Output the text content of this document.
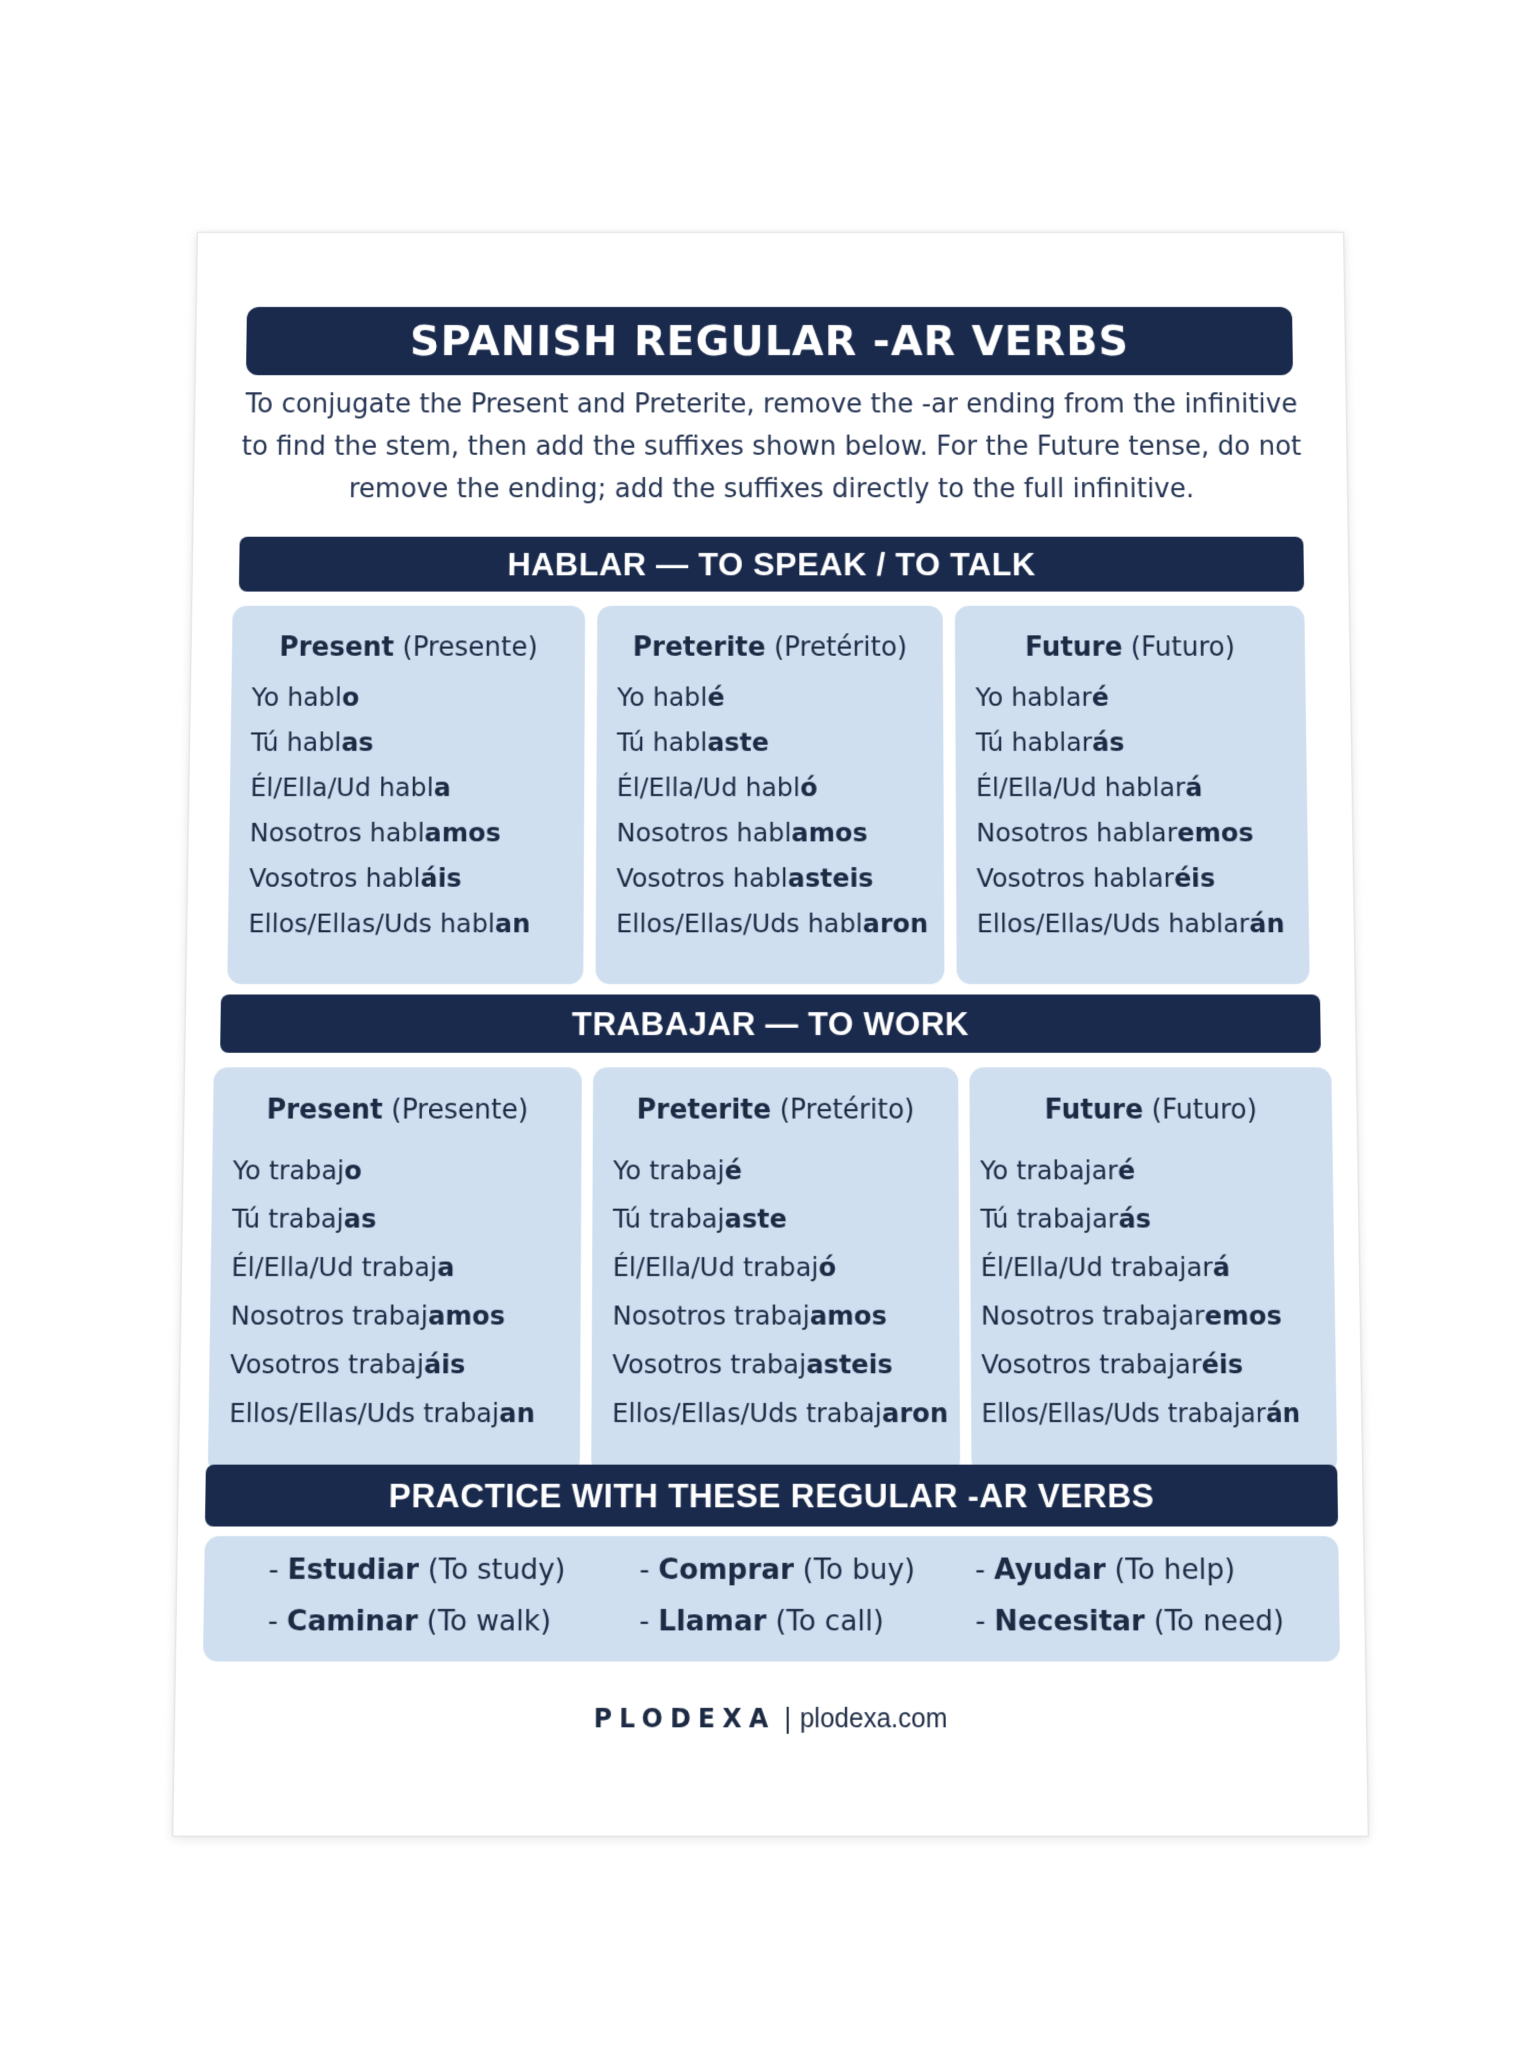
SPANISH REGULAR -AR VERBS

To conjugate the Present and Preterite, remove the -ar ending from the infinitive to find the stem, then add the suffixes shown below. For the Future tense, do not remove the ending; add the suffixes directly to the full infinitive.

HABLAR — TO SPEAK / TO TALK
Present (Presente)
Yo hablo
Tú hablas
Él/Ella/Ud habla
Nosotros hablamos
Vosotros habláis
Ellos/Ellas/Uds hablan
Preterite (Pretérito)
Yo hablé
Tú hablaste
Él/Ella/Ud habló
Nosotros hablamos
Vosotros hablasteis
Ellos/Ellas/Uds hablaron
Future (Futuro)
Yo hablaré
Tú hablarás
Él/Ella/Ud hablará
Nosotros hablaremos
Vosotros hablaréis
Ellos/Ellas/Uds hablarán
TRABAJAR — TO WORK
Present (Presente)
Yo trabajo
Tú trabajas
Él/Ella/Ud trabaja
Nosotros trabajamos
Vosotros trabajáis
Ellos/Ellas/Uds trabajan
Preterite (Pretérito)
Yo trabajé
Tú trabajaste
Él/Ella/Ud trabajó
Nosotros trabajamos
Vosotros trabajasteis
Ellos/Ellas/Uds trabajaron
Future (Futuro)
Yo trabajaré
Tú trabajarás
Él/Ella/Ud trabajará
Nosotros trabajaremos
Vosotros trabajaréis
Ellos/Ellas/Uds trabajarán
PRACTICE WITH THESE REGULAR -AR VERBS
- Estudiar (To study)
- Caminar (To walk)
- Comprar (To buy)
- Llamar (To call)
- Ayudar (To help)
- Necesitar (To need)
PLODEXA | plodexa.com
